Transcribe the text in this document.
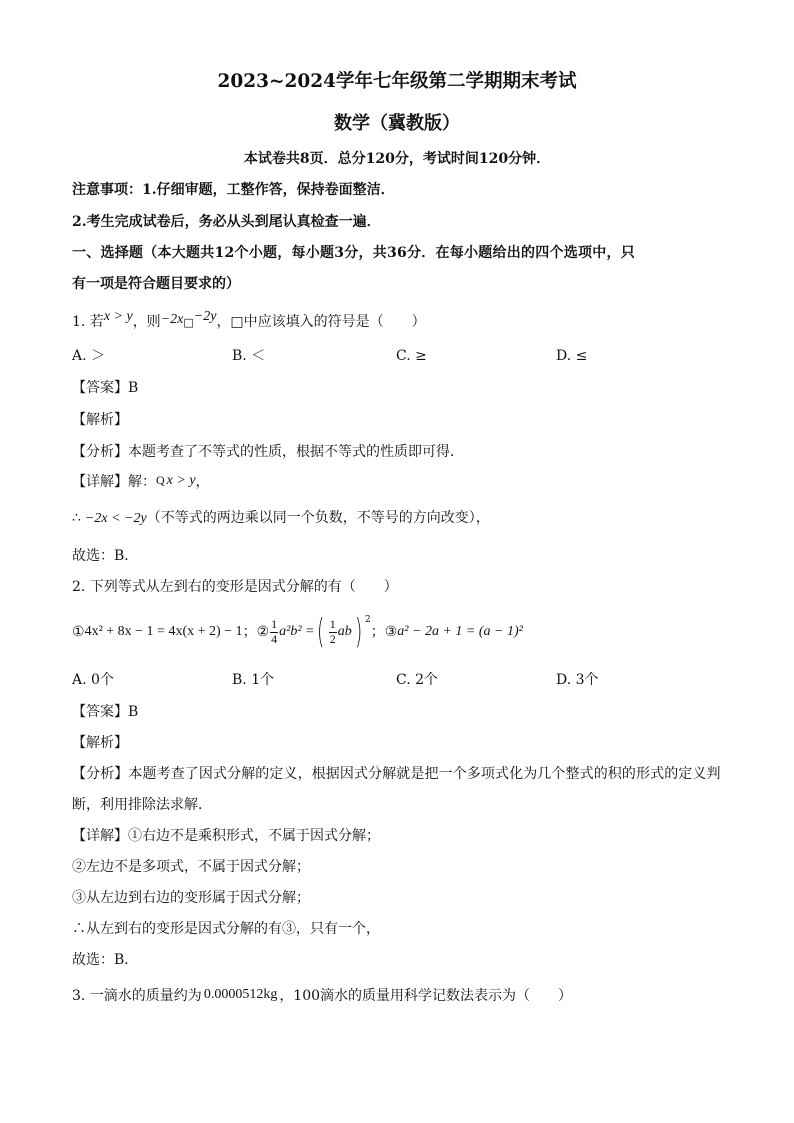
2023~2024学年七年级第二学期期末考试
数学（冀教版）
本试卷共8页．总分120分，考试时间120分钟．
注意事项：1.仔细审题，工整作答，保持卷面整洁．
2.考生完成试卷后，务必从头到尾认真检查一遍．
一、选择题（本大题共12个小题，每小题3分，共36分．在每小题给出的四个选项中，只
有一项是符合题目要求的）
1. 若x > y，则−2x□−2y，□中应该填入的符号是（　　）
A. ＞	B. ＜	C. ≥	D. ≤
【答案】B
【解析】
【分析】本题考查了不等式的性质，根据不等式的性质即可得．
【详解】解：Q x > y，
∴ −2x < −2y（不等式的两边乘以同一个负数，不等号的方向改变），
故选：B．
2. 下列等式从左到右的变形是因式分解的有（　　）
① 4x² + 8x − 1 = 4x(x + 2) − 1 ； ② $\frac{1}{4} a^2b^2$ = ( $\frac{1}{2}$ ab ) 2
； ③ a² − 2a + 1 = (a − 1)²
A. 0个	B. 1个	C. 2个	D. 3个
【答案】B
【解析】
【分析】本题考查了因式分解的定义，根据因式分解就是把一个多项式化为几个整式的积的形式的定义判
断，利用排除法求解．
【详解】①右边不是乘积形式，不属于因式分解；
②左边不是多项式，不属于因式分解；
③从左边到右边的变形属于因式分解；
∴从左到右的变形是因式分解的有③，只有一个，
故选：B．
3. 一滴水的质量约为 0.0000512kg ，100滴水的质量用科学记数法表示为（　　）
